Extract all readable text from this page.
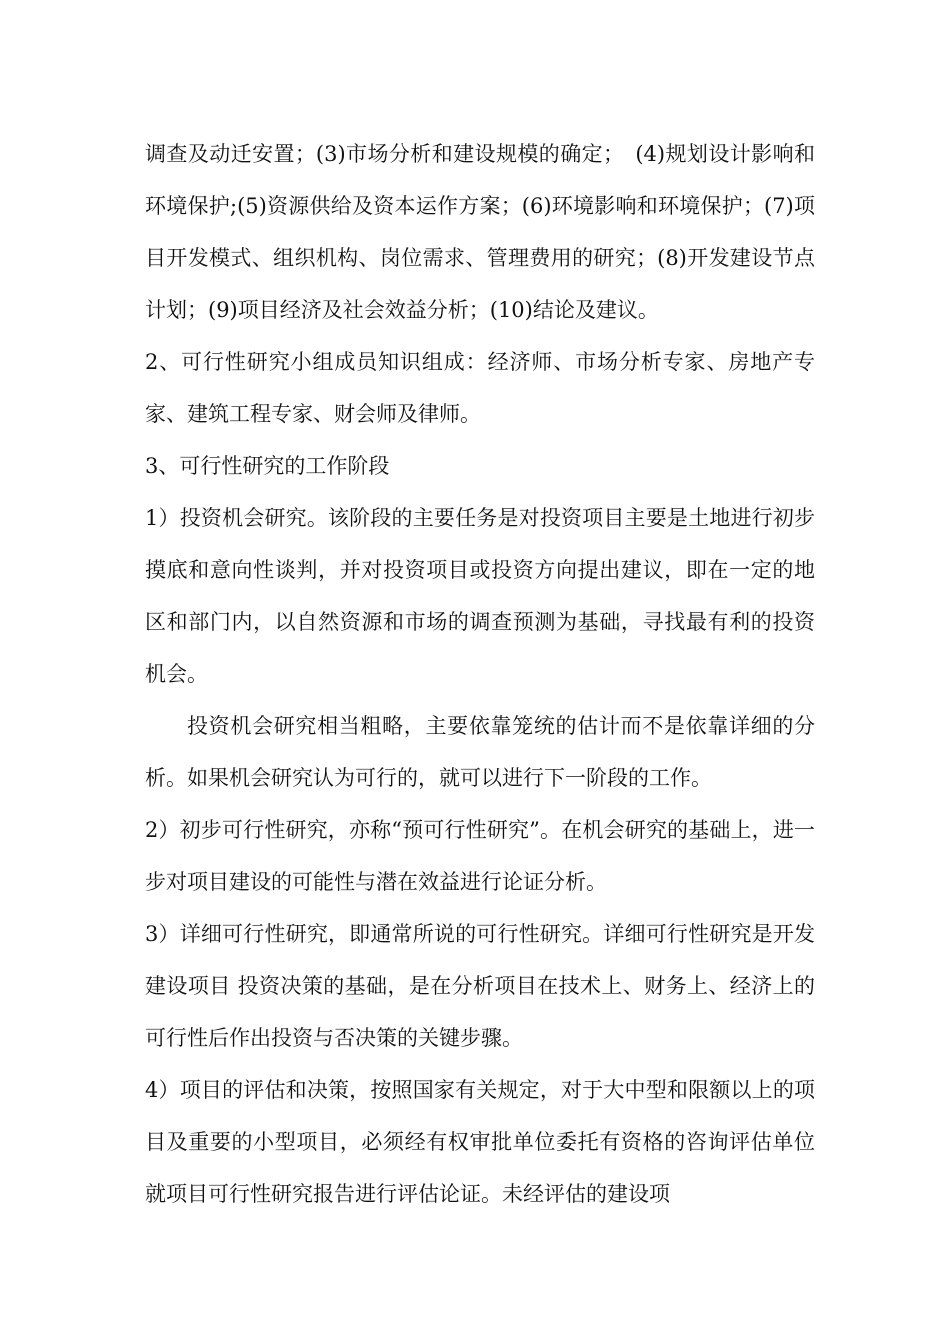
调查及动迁安置；(3)市场分析和建设规模的确定；　(4)规划设计影响和环境保护;(5)资源供给及资本运作方案；(6)环境影响和环境保护；(7)项目开发模式、组织机构、岗位需求、管理费用的研究；(8)开发建设节点计划；(9)项目经济及社会效益分析；(10)结论及建议。

2、可行性研究小组成员知识组成：经济师、市场分析专家、房地产专家、建筑工程专家、财会师及律师。

3、可行性研究的工作阶段

1）投资机会研究。该阶段的主要任务是对投资项目主要是土地进行初步摸底和意向性谈判，并对投资项目或投资方向提出建议，即在一定的地区和部门内，以自然资源和市场的调查预测为基础，寻找最有利的投资机会。

投资机会研究相当粗略，主要依靠笼统的估计而不是依靠详细的分析。如果机会研究认为可行的，就可以进行下一阶段的工作。

2）初步可行性研究，亦称“预可行性研究”。在机会研究的基础上，进一步对项目建设的可能性与潜在效益进行论证分析。

3）详细可行性研究，即通常所说的可行性研究。详细可行性研究是开发建设项目 投资决策的基础，是在分析项目在技术上、财务上、经济上的可行性后作出投资与否决策的关键步骤。

4）项目的评估和决策，按照国家有关规定，对于大中型和限额以上的项目及重要的小型项目，必须经有权审批单位委托有资格的咨询评估单位就项目可行性研究报告进行评估论证。未经评估的建设项
